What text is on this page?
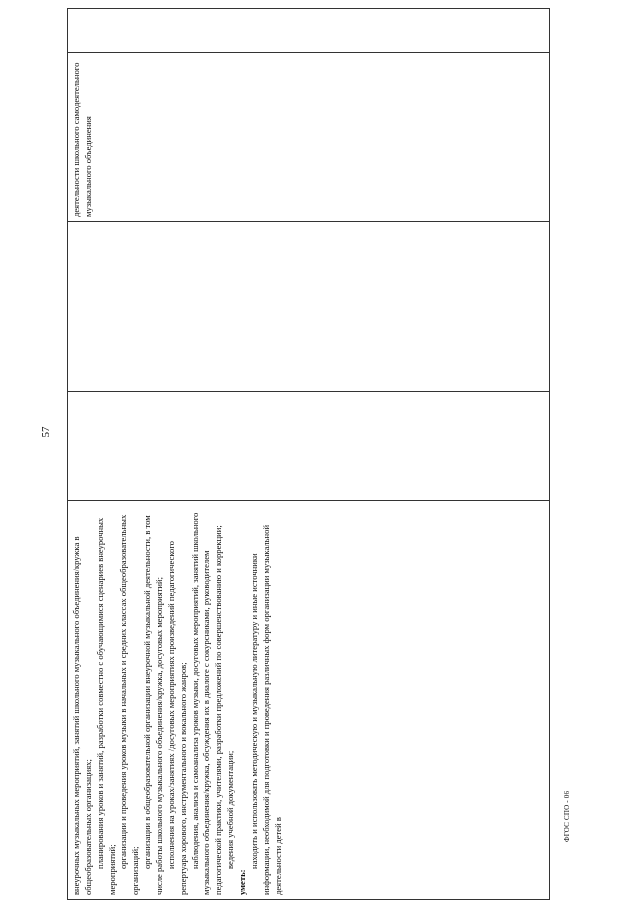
57

внеурочных музыкальных мероприятий, занятий школьного музыкального объединения/кружка в общеобразовательных организациях; планирования уроков и занятий, разработки совместно с обучающимися сценариев внеурочных мероприятий;

организации и проведения уроков музыки в начальных и средних классах общеобразовательных организаций;

организации в общеобразовательной организации внеурочной музыкальной деятельности, в том числе работы школьного музыкального объединения/кружка, досуговых мероприятий; исполнения на уроках/занятиях /досуговых мероприятиях произведений педагогического репертуара хорового, инструментального и вокального жанров; наблюдения, анализа и самоанализа уроков музыки, досуговых мероприятий, занятий школьного музыкального объединения/кружка, обсуждения их в диалоге с сокурсниками, руководителем педагогической практики, учителями, разработки предложений по совершенствованию и коррекции; ведения учебной документации;

уметь:

находить и использовать методическую и музыкальную литературу и иные источники информации, необходимой для подготовки и проведения различных форм организации музыкальной деятельности детей в

деятельности школьного самодеятельного музыкального объединения

ФГОС СПО - 06
